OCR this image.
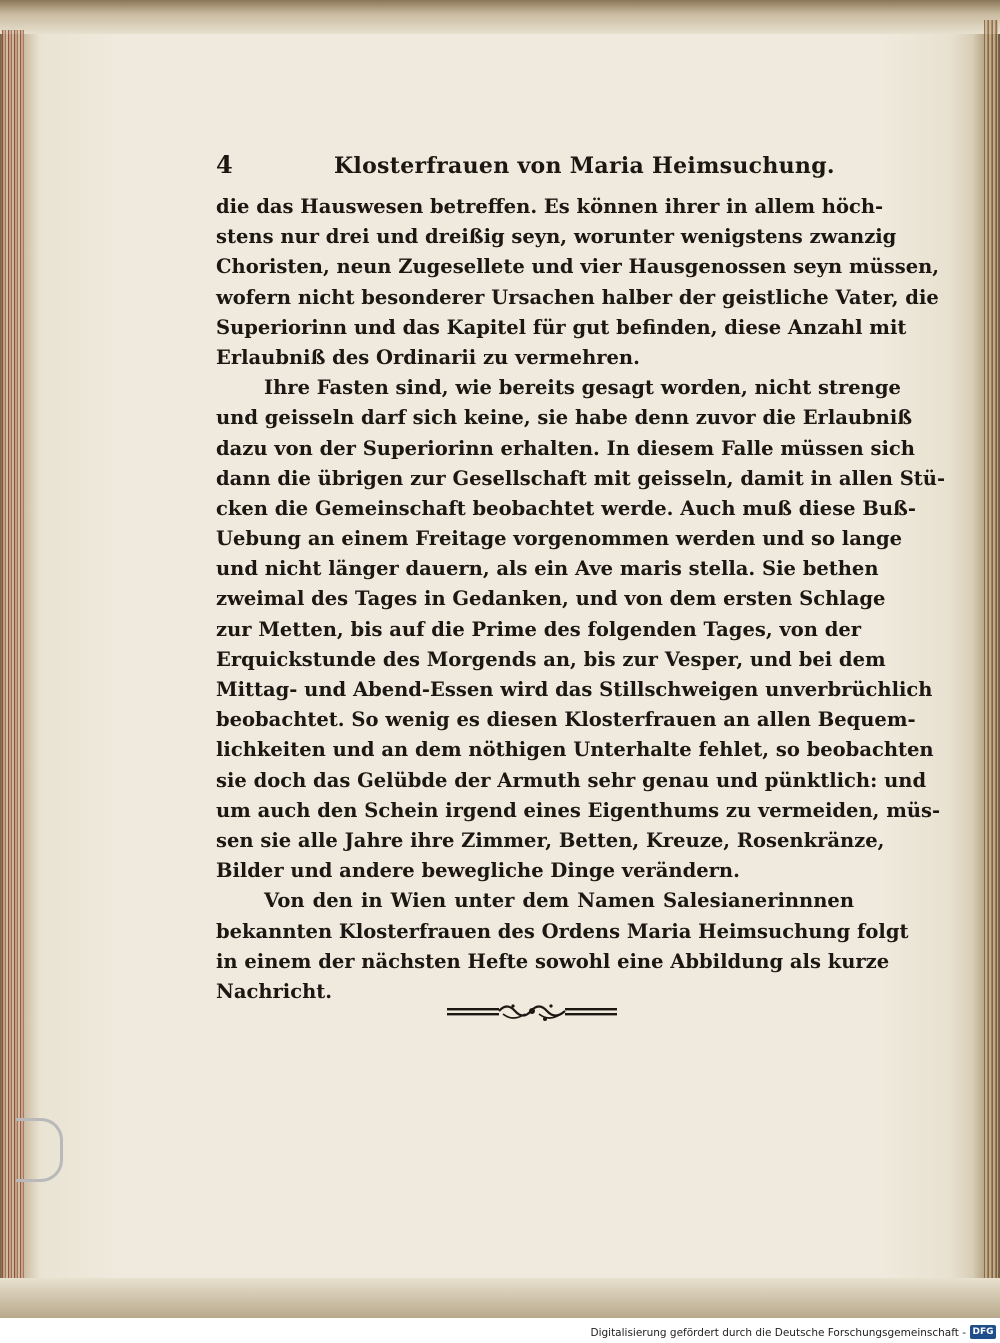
4	Klosterfrauen von Maria Heimsuchung.
die das Hauswesen betreffen. Es können ihrer in allem höch-
stens nur drei und dreißig seyn, worunter wenigstens zwanzig
Choristen, neun Zugesellete und vier Hausgenossen seyn müssen,
wofern nicht besonderer Ursachen halber der geistliche Vater, die
Superiorinn und das Kapitel für gut befinden, diese Anzahl mit
Erlaubniß des Ordinarii zu vermehren.
Ihre Fasten sind, wie bereits gesagt worden, nicht strenge
und geisseln darf sich keine, sie habe denn zuvor die Erlaubniß
dazu von der Superiorinn erhalten. In diesem Falle müssen sich
dann die übrigen zur Gesellschaft mit geisseln, damit in allen Stü-
cken die Gemeinschaft beobachtet werde. Auch muß diese Buß-
Uebung an einem Freitage vorgenommen werden und so lange
und nicht länger dauern, als ein Ave maris stella. Sie bethen
zweimal des Tages in Gedanken, und von dem ersten Schlage
zur Metten, bis auf die Prime des folgenden Tages, von der
Erquickstunde des Morgends an, bis zur Vesper, und bei dem
Mittag- und Abend-Essen wird das Stillschweigen unverbrüchlich
beobachtet. So wenig es diesen Klosterfrauen an allen Bequem-
lichkeiten und an dem nöthigen Unterhalte fehlet, so beobachten
sie doch das Gelübde der Armuth sehr genau und pünktlich: und
um auch den Schein irgend eines Eigenthums zu vermeiden, müs-
sen sie alle Jahre ihre Zimmer, Betten, Kreuze, Rosenkränze,
Bilder und andere bewegliche Dinge verändern.
Von den in Wien unter dem Namen Salesianerinnnen
bekannten Klosterfrauen des Ordens Maria Heimsuchung folgt
in einem der nächsten Hefte sowohl eine Abbildung als kurze
Nachricht.
Digitalisierung gefördert durch die Deutsche Forschungsgemeinschaft - DFG
